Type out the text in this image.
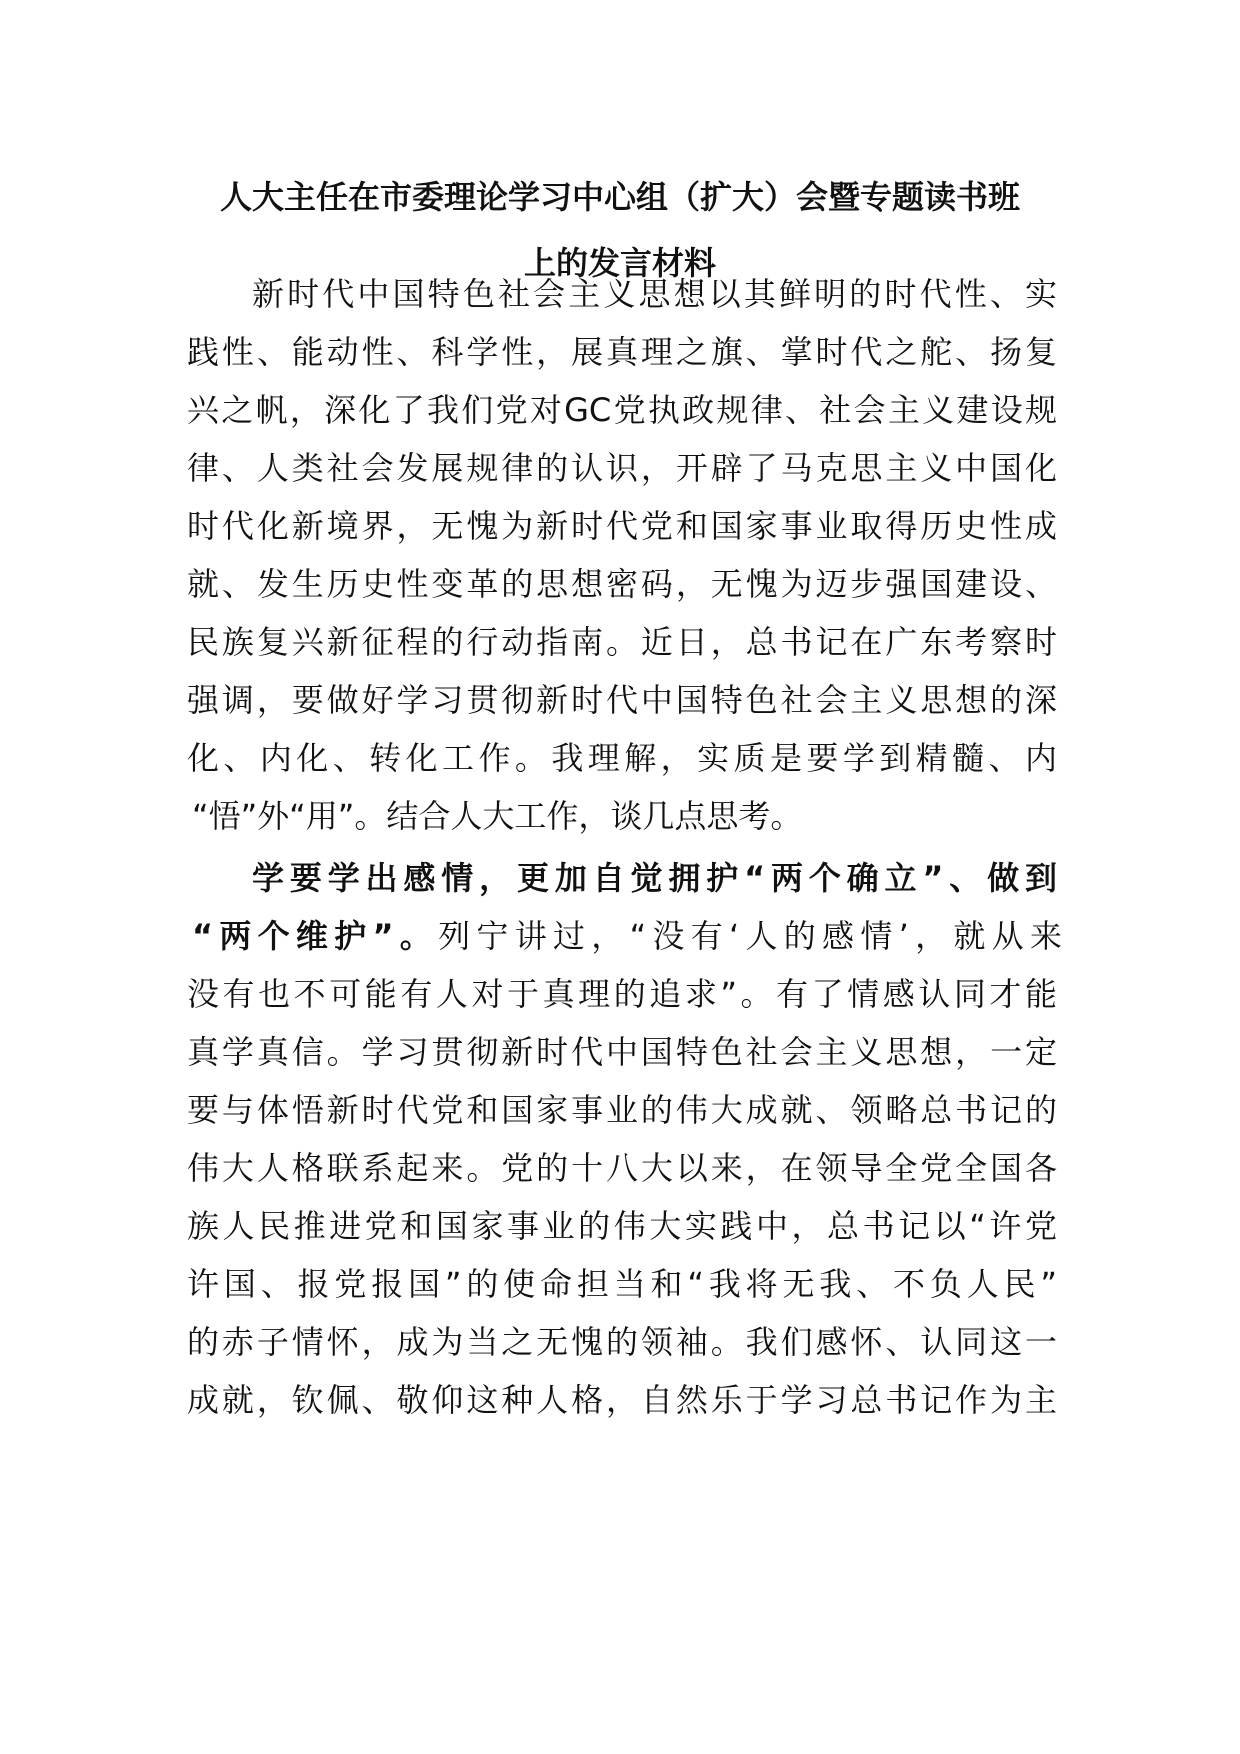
人大主任在市委理论学习中心组（扩大）会暨专题读书班
上的发言材料

新时代中国特色社会主义思想以其鲜明的时代性、实

践性、能动性、科学性，展真理之旗、掌时代之舵、扬复

兴之帆，深化了我们党对GC党执政规律、社会主义建设规

律、人类社会发展规律的认识，开辟了马克思主义中国化

时代化新境界，无愧为新时代党和国家事业取得历史性成

就、发生历史性变革的思想密码，无愧为迈步强国建设、

民族复兴新征程的行动指南。近日，总书记在广东考察时

强调，要做好学习贯彻新时代中国特色社会主义思想的深

化、内化、转化工作。我理解，实质是要学到精髓、内

“悟”外“用”。结合人大工作，谈几点思考。

学要学出感情，更加自觉拥护“两个确立”、做到

“两个维护”。列宁讲过，“没有‘人的感情’，就从来

没有也不可能有人对于真理的追求”。有了情感认同才能

真学真信。学习贯彻新时代中国特色社会主义思想，一定

要与体悟新时代党和国家事业的伟大成就、领略总书记的

伟大人格联系起来。党的十八大以来，在领导全党全国各

族人民推进党和国家事业的伟大实践中，总书记以“许党

许国、报党报国”的使命担当和“我将无我、不负人民”

的赤子情怀，成为当之无愧的领袖。我们感怀、认同这一

成就，钦佩、敬仰这种人格，自然乐于学习总书记作为主
